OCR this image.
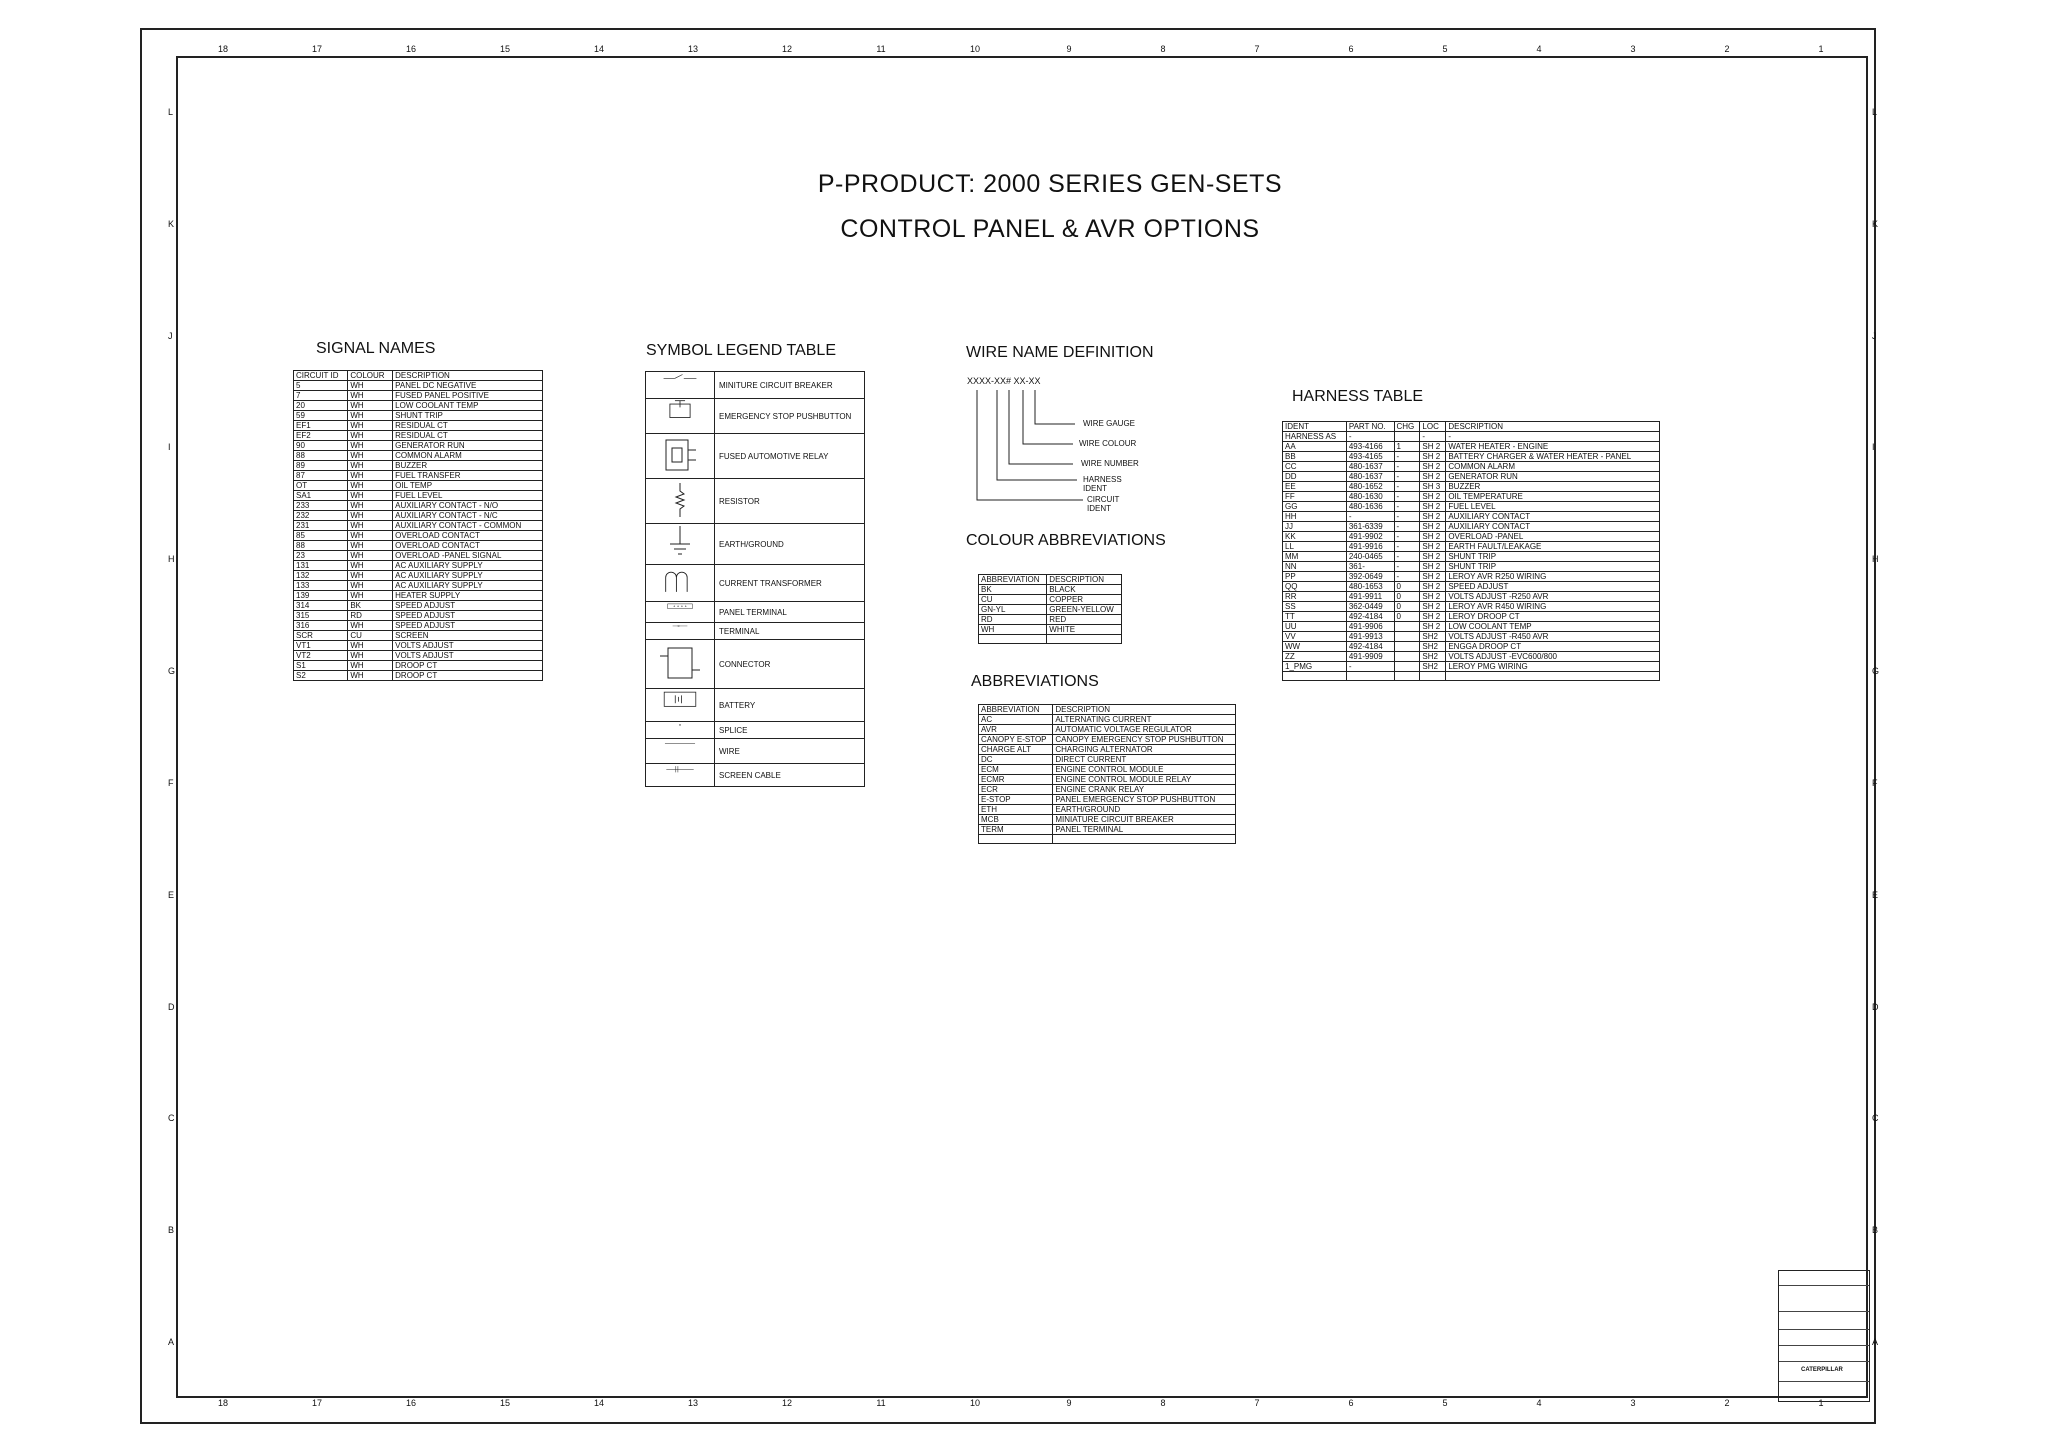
18	17	16	15	14	13	12	11	10	9	8	7	6	5	4	3	2	1
18	17	16	15	14	13	12	11	10	9	8	7	6	5	4	3	2	1
L
K
J
I
H
G
F
E
D
C
B
A
L
K
J
I
H
G
F
E
D
C
B
A
P-PRODUCT: 2000 SERIES GEN-SETS
CONTROL PANEL & AVR OPTIONS
SIGNAL NAMES
CIRCUIT ID	COLOUR	DESCRIPTION
5	WH	PANEL DC NEGATIVE
7	WH	FUSED PANEL POSITIVE
20	WH	LOW COOLANT TEMP
59	WH	SHUNT TRIP
EF1	WH	RESIDUAL CT
EF2	WH	RESIDUAL CT
90	WH	GENERATOR RUN
88	WH	COMMON ALARM
89	WH	BUZZER
87	WH	FUEL TRANSFER
OT	WH	OIL TEMP
SA1	WH	FUEL LEVEL
233	WH	AUXILIARY CONTACT - N/O
232	WH	AUXILIARY CONTACT - N/C
231	WH	AUXILIARY CONTACT - COMMON
85	WH	OVERLOAD CONTACT
88	WH	OVERLOAD CONTACT
23	WH	OVERLOAD -PANEL SIGNAL
131	WH	AC AUXILIARY SUPPLY
132	WH	AC AUXILIARY SUPPLY
133	WH	AC AUXILIARY SUPPLY
139	WH	HEATER SUPPLY
314	BK	SPEED ADJUST
315	RD	SPEED ADJUST
316	WH	SPEED ADJUST
SCR	CU	SCREEN
VT1	WH	VOLTS ADJUST
VT2	WH	VOLTS ADJUST
S1	WH	DROOP CT
S2	WH	DROOP CT
SYMBOL LEGEND TABLE
	MINITURE CIRCUIT BREAKER
	EMERGENCY STOP PUSHBUTTON
	FUSED AUTOMOTIVE RELAY
	RESISTOR
	EARTH/GROUND
	CURRENT TRANSFORMER
	PANEL TERMINAL
	TERMINAL
	CONNECTOR
	BATTERY
	SPLICE
	WIRE
	SCREEN CABLE
WIRE NAME DEFINITION
XXXX-XX# XX-XX
WIRE GAUGE
WIRE COLOUR
WIRE NUMBER
HARNESS IDENT
CIRCUIT IDENT
COLOUR ABBREVIATIONS
ABBREVIATION	DESCRIPTION
BK	BLACK
CU	COPPER
GN-YL	GREEN-YELLOW
RD	RED
WH	WHITE

ABBREVIATIONS
ABBREVIATION	DESCRIPTION
AC	ALTERNATING CURRENT
AVR	AUTOMATIC VOLTAGE REGULATOR
CANOPY E-STOP	CANOPY EMERGENCY STOP PUSHBUTTON
CHARGE ALT	CHARGING ALTERNATOR
DC	DIRECT CURRENT
ECM	ENGINE CONTROL MODULE
ECMR	ENGINE CONTROL MODULE RELAY
ECR	ENGINE CRANK RELAY
E-STOP	PANEL EMERGENCY STOP PUSHBUTTON
ETH	EARTH/GROUND
MCB	MINIATURE CIRCUIT BREAKER
TERM	PANEL TERMINAL

HARNESS TABLE
IDENT	PART NO.	CHG	LOC	DESCRIPTION
HARNESS AS	-		-	-
AA	493-4166	1	SH 2	WATER HEATER - ENGINE
BB	493-4165	-	SH 2	BATTERY CHARGER & WATER HEATER - PANEL
CC	480-1637	-	SH 2	COMMON ALARM
DD	480-1637	-	SH 2	GENERATOR RUN
EE	480-1652	-	SH 3	BUZZER
FF	480-1630	-	SH 2	OIL TEMPERATURE
GG	480-1636	-	SH 2	FUEL LEVEL
HH	-	-	SH 2	AUXILIARY CONTACT
JJ	361-6339	-	SH 2	AUXILIARY CONTACT
KK	491-9902	-	SH 2	OVERLOAD -PANEL
LL	491-9916	-	SH 2	EARTH FAULT/LEAKAGE
MM	240-0465	-	SH 2	SHUNT TRIP
NN	361-	-	SH 2	SHUNT TRIP
PP	392-0649	-	SH 2	LEROY AVR R250 WIRING
QQ	480-1653	0	SH 2	SPEED ADJUST
RR	491-9911	0	SH 2	VOLTS ADJUST -R250 AVR
SS	362-0449	0	SH 2	LEROY AVR R450 WIRING
TT	492-4184	0	SH 2	LEROY DROOP CT
UU	491-9906		SH 2	LOW COOLANT TEMP
VV	491-9913		SH2	VOLTS ADJUST -R450 AVR
WW	492-4184		SH2	ENGGA DROOP CT
ZZ	491-9909		SH2	VOLTS ADJUST -EVC600/800
1_PMG	-		SH2	LEROY PMG WIRING

CATERPILLAR
